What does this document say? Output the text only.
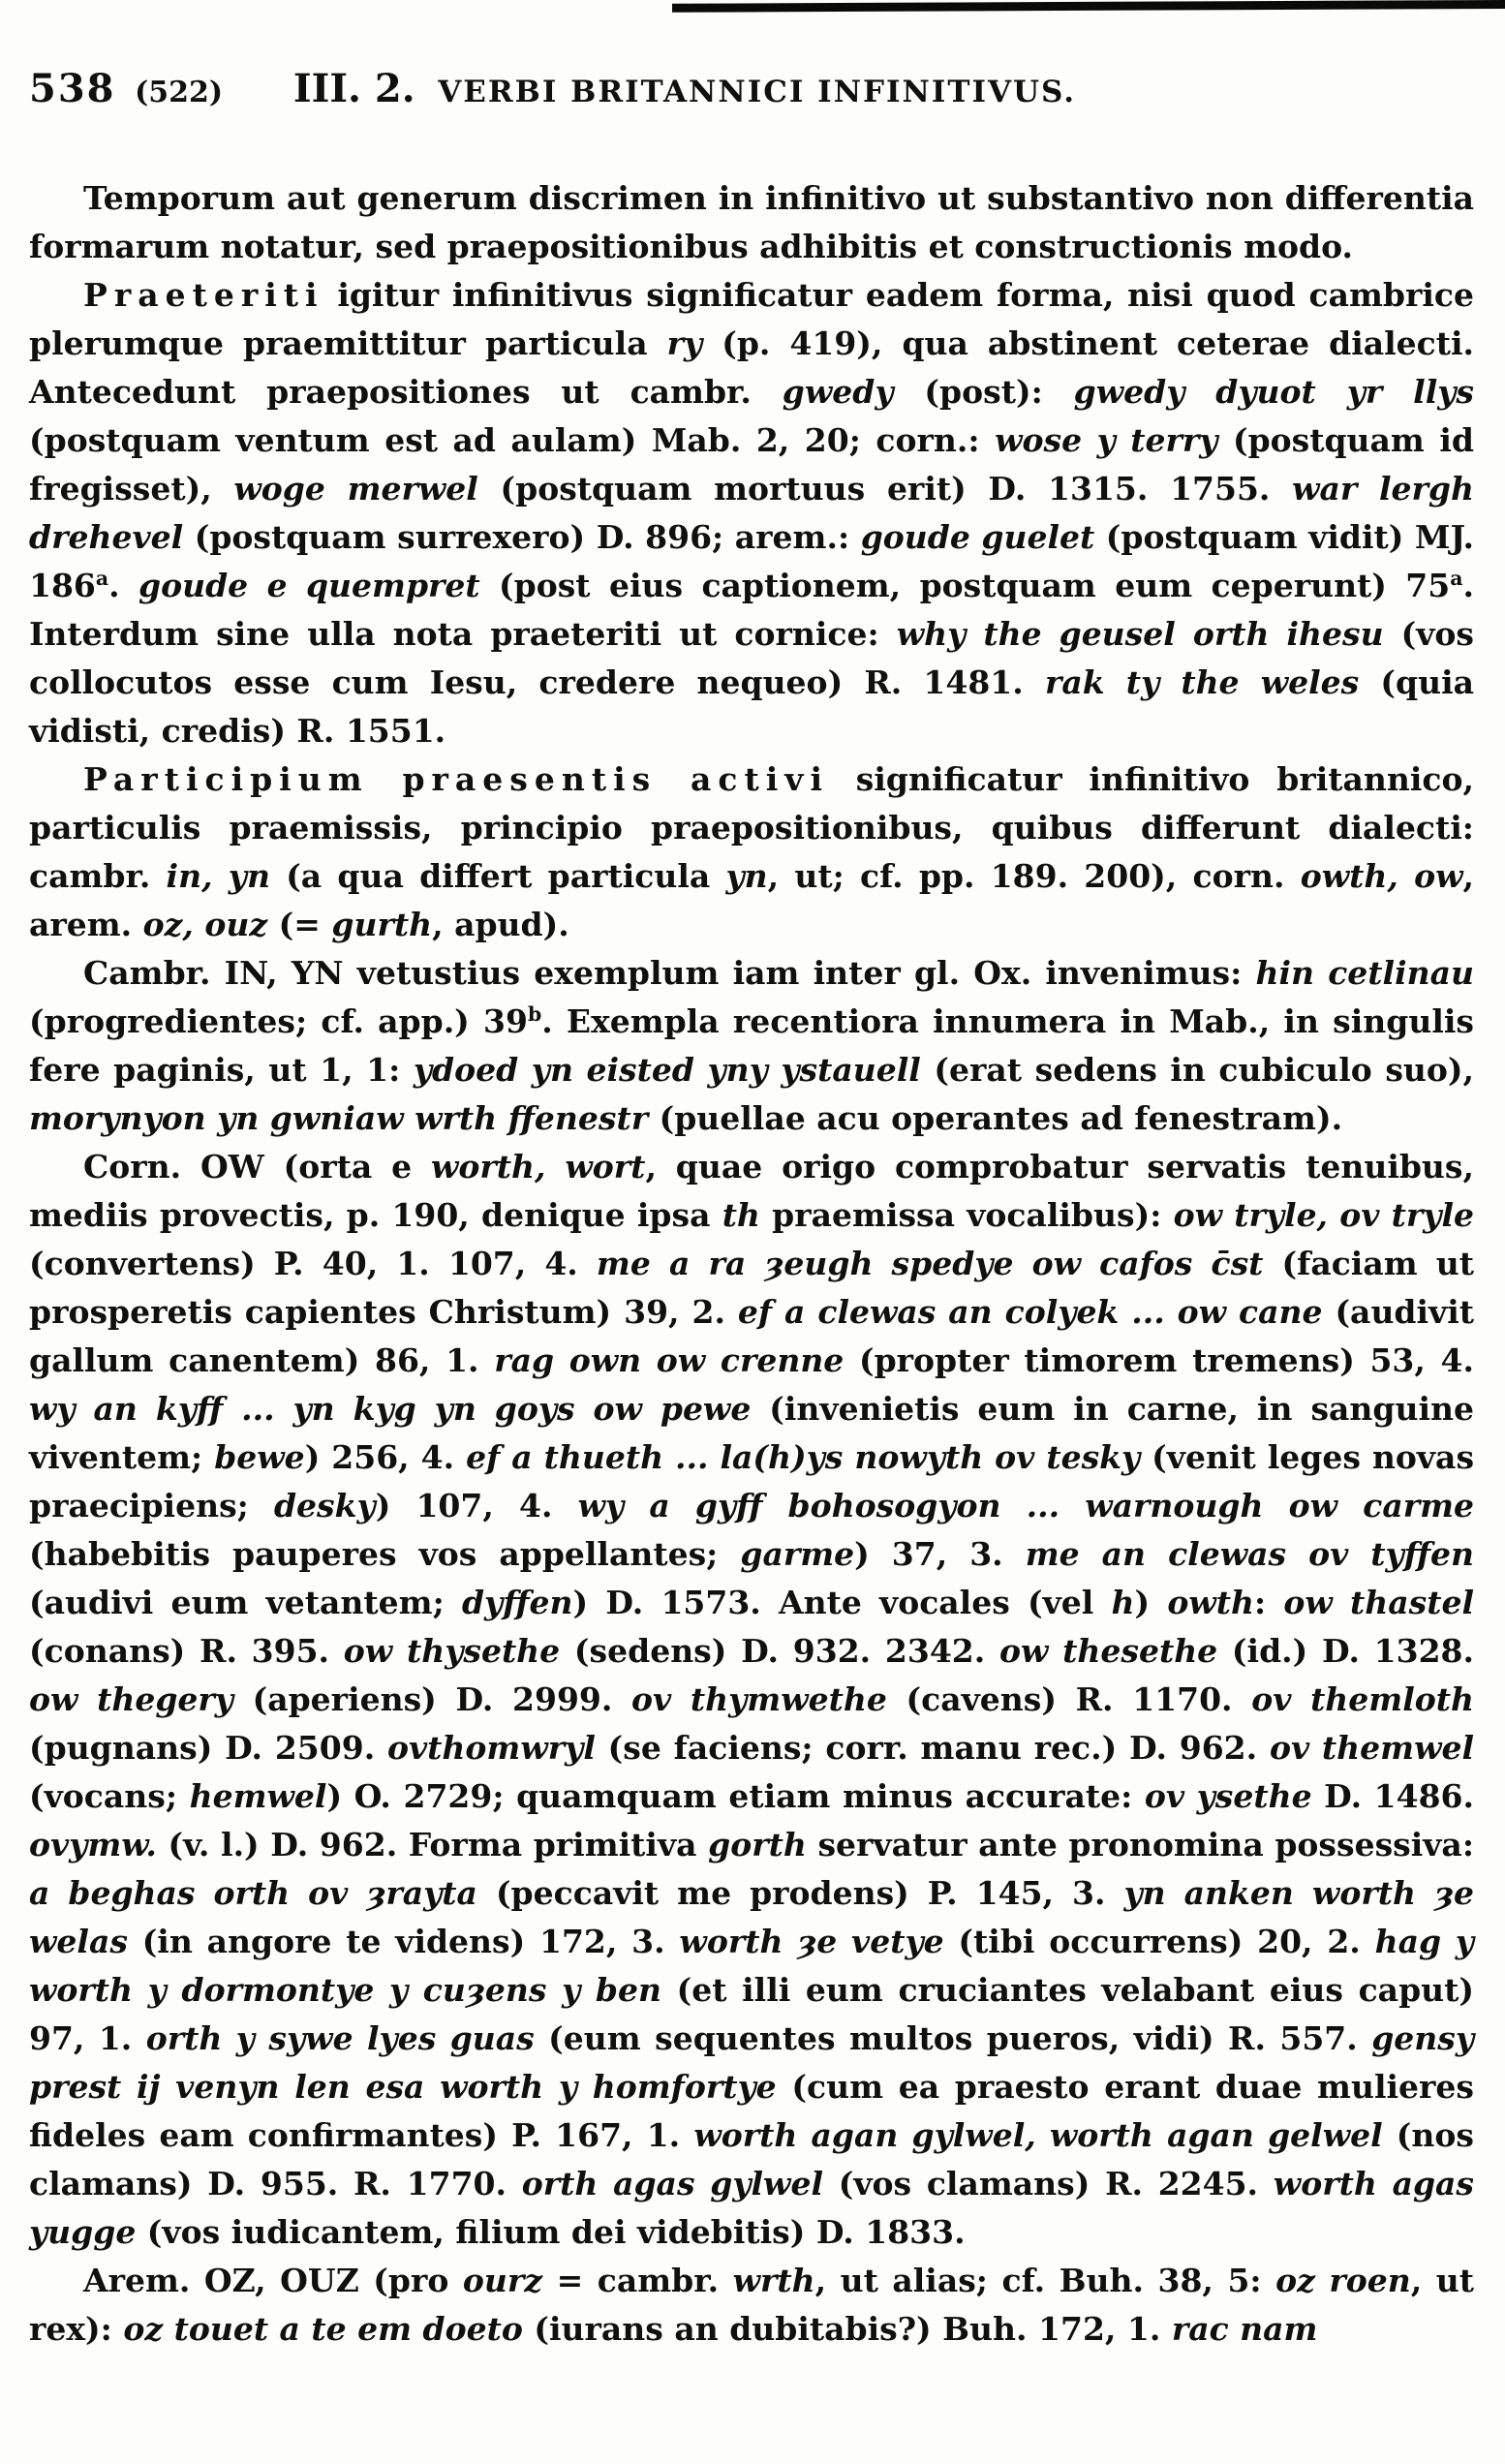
538 (522)	III. 2. VERBI BRITANNICI INFINITIVUS.

Temporum aut generum discrimen in infinitivo ut substantivo non differentia formarum notatur, sed praepositionibus adhibitis et constructionis modo.

Praeteriti igitur infinitivus significatur eadem forma, nisi quod cambrice plerumque praemittitur particula ry (p. 419), qua abstinent ceterae dialecti. Antecedunt praepositiones ut cambr. gwedy (post): gwedy dyuot yr llys (postquam ventum est ad aulam) Mab. 2, 20; corn.: wose y terry (postquam id fregisset), woge merwel (postquam mortuus erit) D. 1315. 1755. war lergh drehevel (postquam surrexero) D. 896; arem.: goude guelet (postquam vidit) MJ. 186$^a$. goude e quempret (post eius captionem, postquam eum ceperunt) 75$^a$. Interdum sine ulla nota praeteriti ut cornice: why the geusel orth ihesu (vos collocutos esse cum Iesu, credere nequeo) R. 1481. rak ty the weles (quia vidisti, credis) R. 1551.

Participium praesentis activi significatur infinitivo britannico, particulis praemissis, principio praepositionibus, quibus differunt dialecti: cambr. in, yn (a qua differt particula yn, ut; cf. pp. 189. 200), corn. owth, ow, arem. oz, ouz (= gurth, apud).

Cambr. IN, YN vetustius exemplum iam inter gl. Ox. invenimus: hin cetlinau (progredientes; cf. app.) 39$^b$. Exempla recentiora innumera in Mab., in singulis fere paginis, ut 1, 1: ydoed yn eisted yny ystauell (erat sedens in cubiculo suo), morynyon yn gwniaw wrth ffenestr (puellae acu operantes ad fenestram).

Corn. OW (orta e worth, wort, quae origo comprobatur servatis tenuibus, mediis provectis, p. 190, denique ipsa th praemissa vocalibus): ow tryle, ov tryle (convertens) P. 40, 1. 107, 4. me a ra ȝeugh spedye ow cafos c̄st (faciam ut prosperetis capientes Christum) 39, 2. ef a clewas an colyek ... ow cane (audivit gallum canentem) 86, 1. rag own ow crenne (propter timorem tremens) 53, 4. wy an kyff ... yn kyg yn goys ow pewe (invenietis eum in carne, in sanguine viventem; bewe) 256, 4. ef a thueth ... la(h)ys nowyth ov tesky (venit leges novas praecipiens; desky) 107, 4. wy a gyff bohosogyon ... warnough ow carme (habebitis pauperes vos appellantes; garme) 37, 3. me an clewas ov tyffen (audivi eum vetantem; dyffen) D. 1573. Ante vocales (vel h) owth: ow thastel (conans) R. 395. ow thysethe (sedens) D. 932. 2342. ow thesethe (id.) D. 1328. ow thegery (aperiens) D. 2999. ov thymwethe (cavens) R. 1170. ov themloth (pugnans) D. 2509. ovthomwryl (se faciens; corr. manu rec.) D. 962. ov themwel (vocans; hemwel) O. 2729; quamquam etiam minus accurate: ov ysethe D. 1486. ovymw. (v. l.) D. 962. Forma primitiva gorth servatur ante pronomina possessiva: a beghas orth ov ȝrayta (peccavit me prodens) P. 145, 3. yn anken worth ȝe welas (in angore te videns) 172, 3. worth ȝe vetye (tibi occurrens) 20, 2. hag y worth y dormontye y cuȝens y ben (et illi eum cruciantes velabant eius caput) 97, 1. orth y sywe lyes guas (eum sequentes multos pueros, vidi) R. 557. gensy prest ij venyn len esa worth y homfortye (cum ea praesto erant duae mulieres fideles eam confirmantes) P. 167, 1. worth agan gylwel, worth agan gelwel (nos clamans) D. 955. R. 1770. orth agas gylwel (vos clamans) R. 2245. worth agas yugge (vos iudicantem, filium dei videbitis) D. 1833.

Arem. OZ, OUZ (pro ourz = cambr. wrth, ut alias; cf. Buh. 38, 5: oz roen, ut rex): oz touet a te em doeto (iurans an dubitabis?) Buh. 172, 1. rac nam
